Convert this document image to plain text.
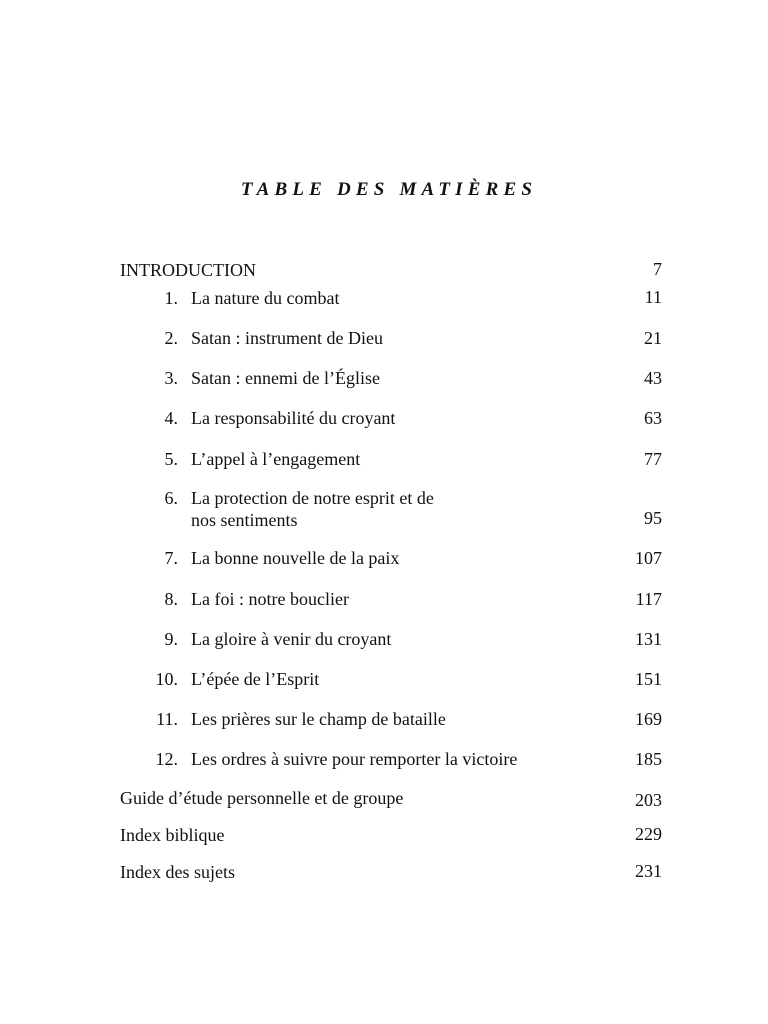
TABLE DES MATIÈRES
INTRODUCTION	7
1. La nature du combat	11
2. Satan : instrument de Dieu	21
3. Satan : ennemi de l’Église	43
4. La responsabilité du croyant	63
5. L’appel à l’engagement	77
6. La protection de notre esprit et de
nos sentiments	95
7. La bonne nouvelle de la paix	107
8. La foi : notre bouclier	117
9. La gloire à venir du croyant	131
10. L’épée de l’Esprit	151
11. Les prières sur le champ de bataille	169
12. Les ordres à suivre pour remporter la victoire	185
Guide d’étude personnelle et de groupe	203
Index biblique	229
Index des sujets	231
